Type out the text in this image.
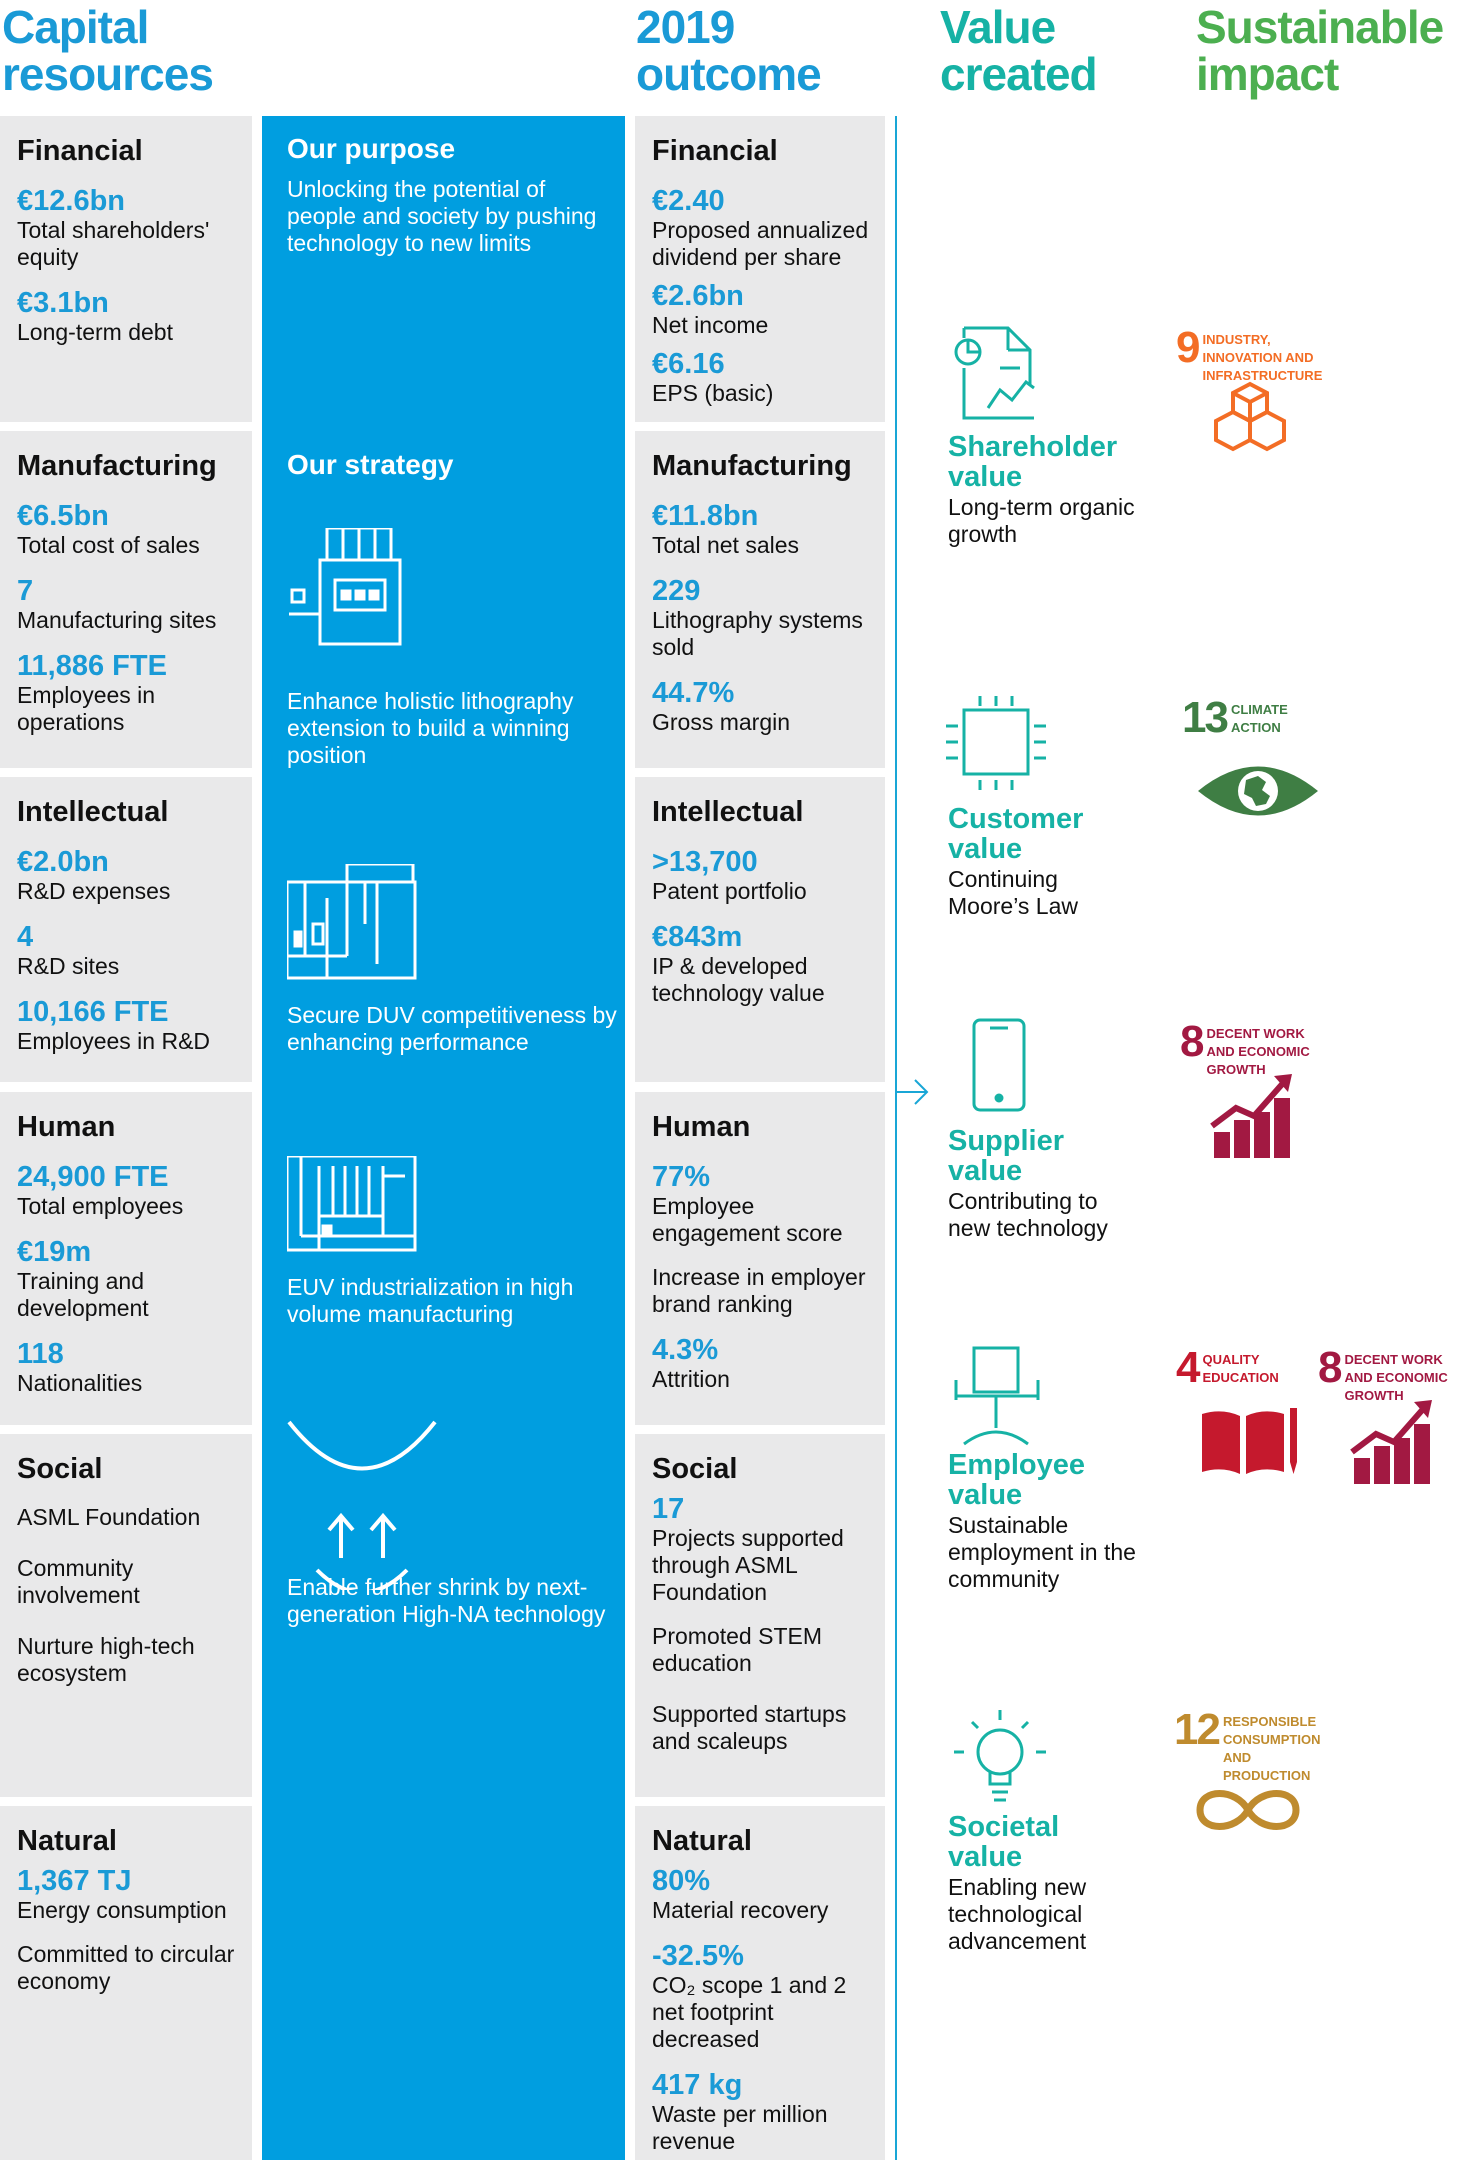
Capital
resources
2019
outcome
Value
created
Sustainable
impact
Financial
€12.6bn
Total shareholders' equity
€3.1bn
Long-term debt
Manufacturing
€6.5bn
Total cost of sales
7
Manufacturing sites
11,886 FTE
Employees in operations
Intellectual
€2.0bn
R&D expenses
4
R&D sites
10,166 FTE
Employees in R&D
Human
24,900 FTE
Total employees
€19m
Training and development
118
Nationalities
Social
ASML Foundation
Community involvement
Nurture high-tech ecosystem
Natural
1,367 TJ
Energy consumption
Committed to circular economy
Our purpose
Unlocking the potential of people and society by pushing technology to new limits
Our strategy
Enhance holistic lithography extension to build a winning position
Secure DUV competitiveness by enhancing performance
EUV industrialization in high volume manufacturing
Enable further shrink by next-generation High-NA technology
Financial
€2.40
Proposed annualized dividend per share
€2.6bn
Net income
€6.16
EPS (basic)
Manufacturing
€11.8bn
Total net sales
229
Lithography systems sold
44.7%
Gross margin
Intellectual
>13,700
Patent portfolio
€843m
IP & developed technology value
Human
77%
Employee engagement score
Increase in employer brand ranking
4.3%
Attrition
Social
17
Projects supported through ASML Foundation
Promoted STEM education
Supported startups and scaleups
Natural
80%
Material recovery
-32.5%
CO₂ scope 1 and 2 net footprint decreased
417 kg
Waste per million revenue
Shareholder value
Long-term organic growth
Customer value
Continuing Moore’s Law
Supplier value
Contributing to new technology
Employee value
Sustainable employment in the community
Societal value
Enabling new technological advancement
9 INDUSTRY, INNOVATION AND INFRASTRUCTURE
13 CLIMATE ACTION
8 DECENT WORK AND ECONOMIC GROWTH
4 QUALITY EDUCATION 8 DECENT WORK AND ECONOMIC GROWTH
12 RESPONSIBLE CONSUMPTION AND PRODUCTION
